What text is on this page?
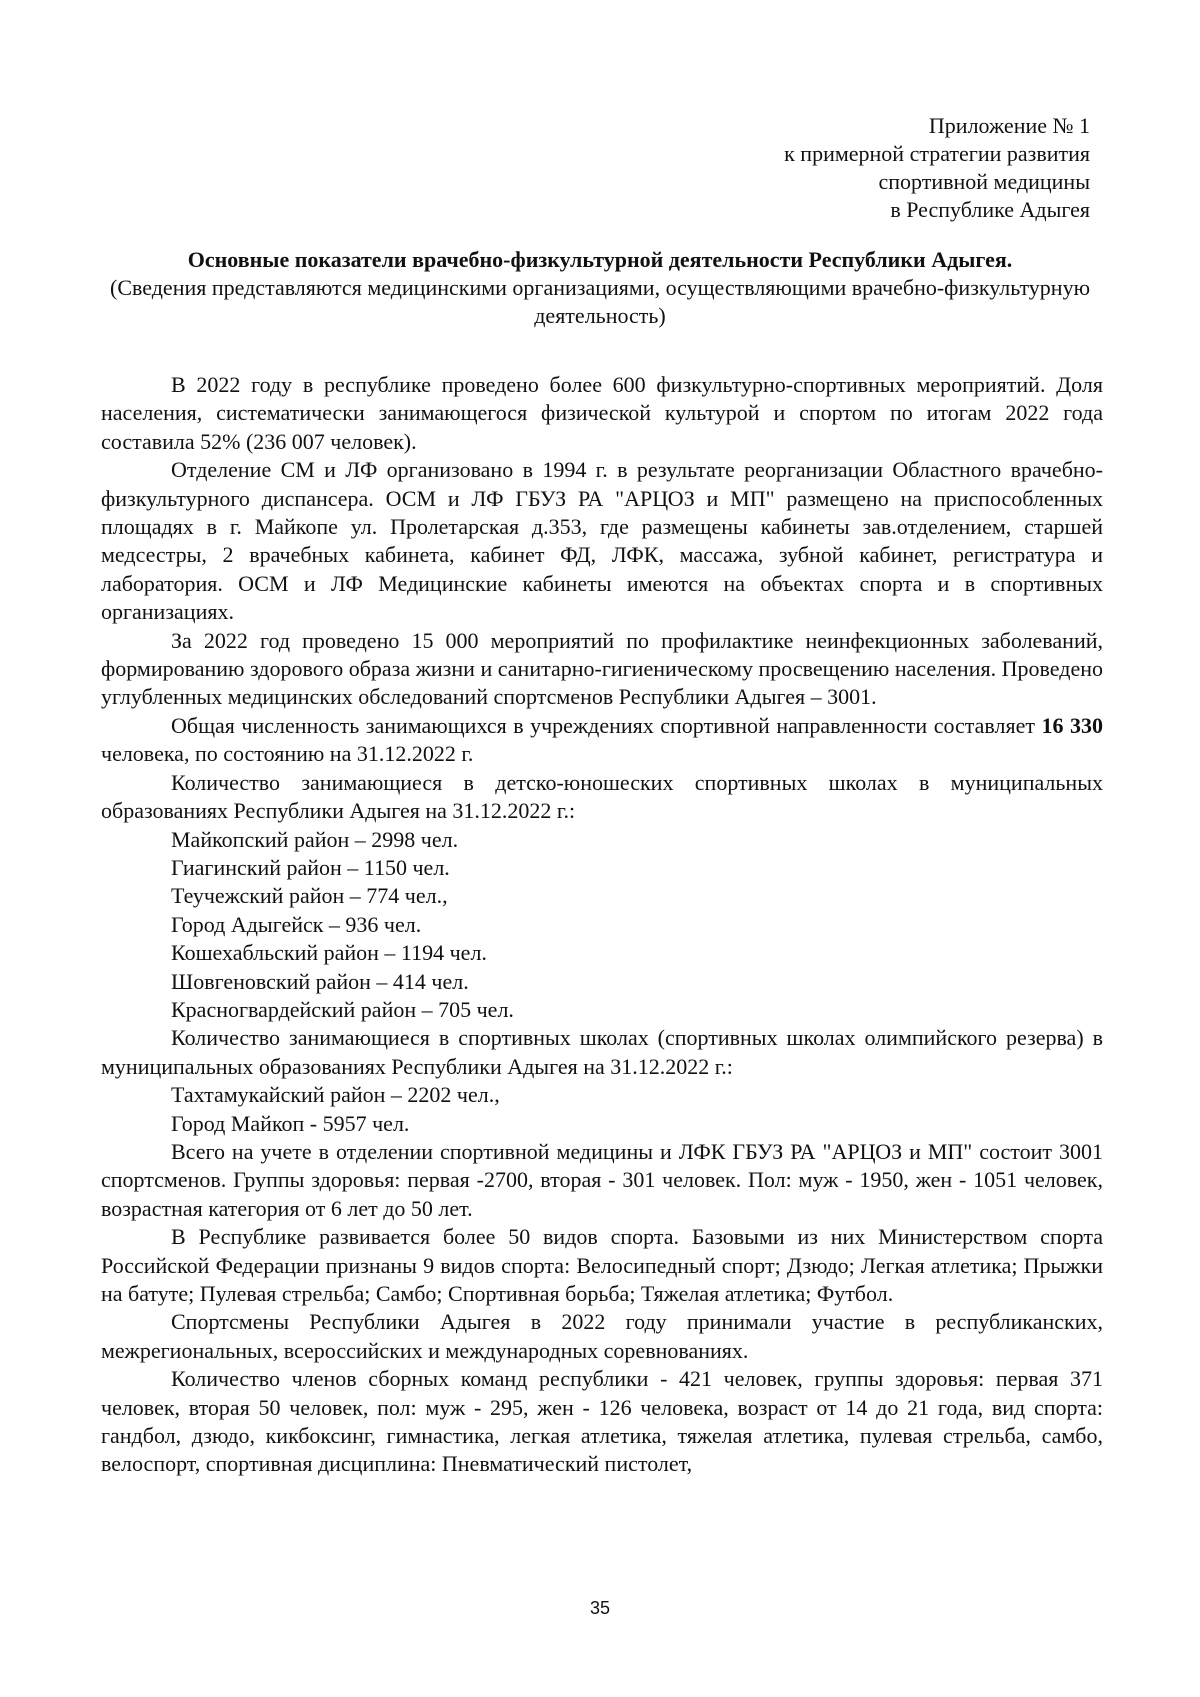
Приложение № 1
к примерной стратегии развития
спортивной медицины
в Республике Адыгея
Основные показатели врачебно-физкультурной деятельности Республики Адыгея.
(Сведения представляются медицинскими организациями, осуществляющими врачебно-физкультурную деятельность)

В 2022 году в республике проведено более 600 физкультурно-спортивных мероприятий. Доля населения, систематически занимающегося физической культурой и спортом по итогам 2022 года составила 52% (236 007 человек).

Отделение СМ и ЛФ организовано в 1994 г. в результате реорганизации Областного врачебно-физкультурного диспансера. ОСМ и ЛФ ГБУЗ РА "АРЦОЗ и МП" размещено на приспособленных площадях в г. Майкопе ул. Пролетарская д.353, где размещены кабинеты зав.отделением, старшей медсестры, 2 врачебных кабинета, кабинет ФД, ЛФК, массажа, зубной кабинет, регистратура и лаборатория. ОСМ и ЛФ Медицинские кабинеты имеются на объектах спорта и в спортивных организациях.

За 2022 год проведено 15 000 мероприятий по профилактике неинфекционных заболеваний, формированию здорового образа жизни и санитарно-гигиеническому просвещению населения. Проведено углубленных медицинских обследований спортсменов Республики Адыгея – 3001.

Общая численность занимающихся в учреждениях спортивной направленности составляет 16 330 человека, по состоянию на 31.12.2022 г.

Количество занимающиеся в детско-юношеских спортивных школах в муниципальных образованиях Республики Адыгея на 31.12.2022 г.:

Майкопский район – 2998 чел.

Гиагинский район – 1150 чел.

Теучежский район – 774 чел.,

Город Адыгейск – 936 чел.

Кошехабльский район – 1194 чел.

Шовгеновский район – 414 чел.

Красногвардейский район – 705 чел.

Количество занимающиеся в спортивных школах (спортивных школах олимпийского резерва) в муниципальных образованиях Республики Адыгея на 31.12.2022 г.:

Тахтамукайский район – 2202 чел.,

Город Майкоп - 5957 чел.

Всего на учете в отделении спортивной медицины и ЛФК ГБУЗ РА "АРЦОЗ и МП" состоит 3001 спортсменов. Группы здоровья: первая -2700, вторая - 301 человек. Пол: муж - 1950, жен - 1051 человек, возрастная категория от 6 лет до 50 лет.

В Республике развивается более 50 видов спорта. Базовыми из них Министерством спорта Российской Федерации признаны 9 видов спорта: Велосипедный спорт; Дзюдо; Легкая атлетика; Прыжки на батуте; Пулевая стрельба; Самбо; Спортивная борьба; Тяжелая атлетика; Футбол.

Спортсмены Республики Адыгея в 2022 году принимали участие в республиканских, межрегиональных, всероссийских и международных соревнованиях.

Количество членов сборных команд республики - 421 человек, группы здоровья: первая 371 человек, вторая 50 человек, пол: муж - 295, жен - 126 человека, возраст от 14 до 21 года, вид спорта: гандбол, дзюдо, кикбоксинг, гимнастика, легкая атлетика, тяжелая атлетика, пулевая стрельба, самбо, велоспорт, спортивная дисциплина: Пневматический пистолет,

35
